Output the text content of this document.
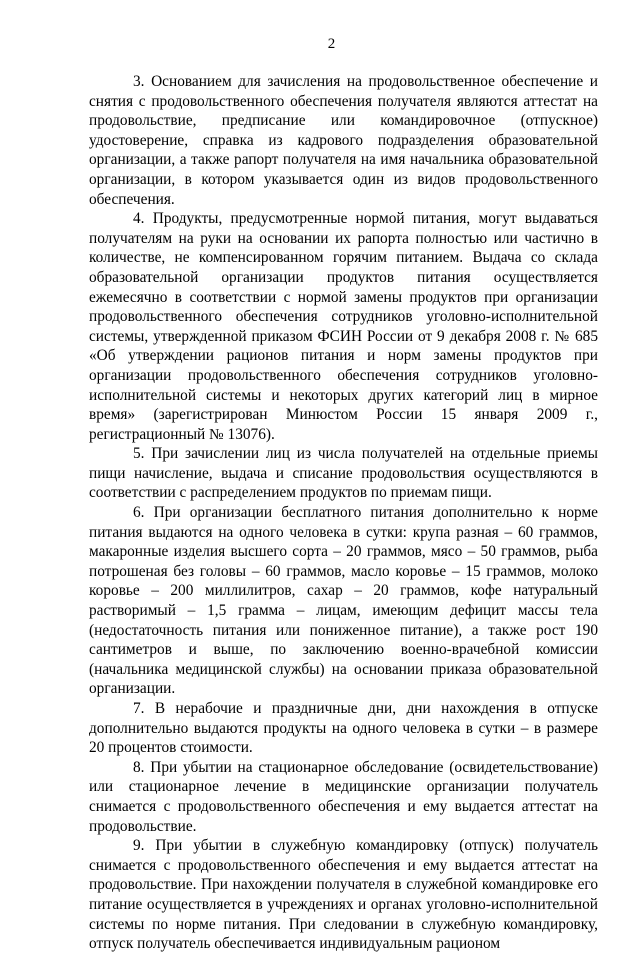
2

3. Основанием для зачисления на продовольственное обеспечение и снятия с продовольственного обеспечения получателя являются аттестат на продовольствие, предписание или командировочное (отпускное) удостоверение, справка из кадрового подразделения образовательной организации, а также рапорт получателя на имя начальника образовательной организации, в котором указывается один из видов продовольственного обеспечения.

4. Продукты, предусмотренные нормой питания, могут выдаваться получателям на руки на основании их рапорта полностью или частично в количестве, не компенсированном горячим питанием. Выдача со склада образовательной организации продуктов питания осуществляется ежемесячно в соответствии с нормой замены продуктов при организации продовольственного обеспечения сотрудников уголовно-исполнительной системы, утвержденной приказом ФСИН России от 9 декабря 2008 г. № 685 «Об утверждении рационов питания и норм замены продуктов при организации продовольственного обеспечения сотрудников уголовно-исполнительной системы и некоторых других категорий лиц в мирное время» (зарегистрирован Минюстом России 15 января 2009 г., регистрационный № 13076).

5. При зачислении лиц из числа получателей на отдельные приемы пищи начисление, выдача и списание продовольствия осуществляются в соответствии с распределением продуктов по приемам пищи.

6. При организации бесплатного питания дополнительно к норме питания выдаются на одного человека в сутки: крупа разная – 60 граммов, макаронные изделия высшего сорта – 20 граммов, мясо – 50 граммов, рыба потрошеная без головы – 60 граммов, масло коровье – 15 граммов, молоко коровье – 200 миллилитров, сахар – 20 граммов, кофе натуральный растворимый – 1,5 грамма – лицам, имеющим дефицит массы тела (недостаточность питания или пониженное питание), а также рост 190 сантиметров и выше, по заключению военно-врачебной комиссии (начальника медицинской службы) на основании приказа образовательной организации.

7. В нерабочие и праздничные дни, дни нахождения в отпуске дополнительно выдаются продукты на одного человека в сутки – в размере 20 процентов стоимости.

8. При убытии на стационарное обследование (освидетельствование) или стационарное лечение в медицинские организации получатель снимается с продовольственного обеспечения и ему выдается аттестат на продовольствие.

9. При убытии в служебную командировку (отпуск) получатель снимается с продовольственного обеспечения и ему выдается аттестат на продовольствие. При нахождении получателя в служебной командировке его питание осуществляется в учреждениях и органах уголовно-исполнительной системы по норме питания. При следовании в служебную командировку, отпуск получатель обеспечивается индивидуальным рационом
